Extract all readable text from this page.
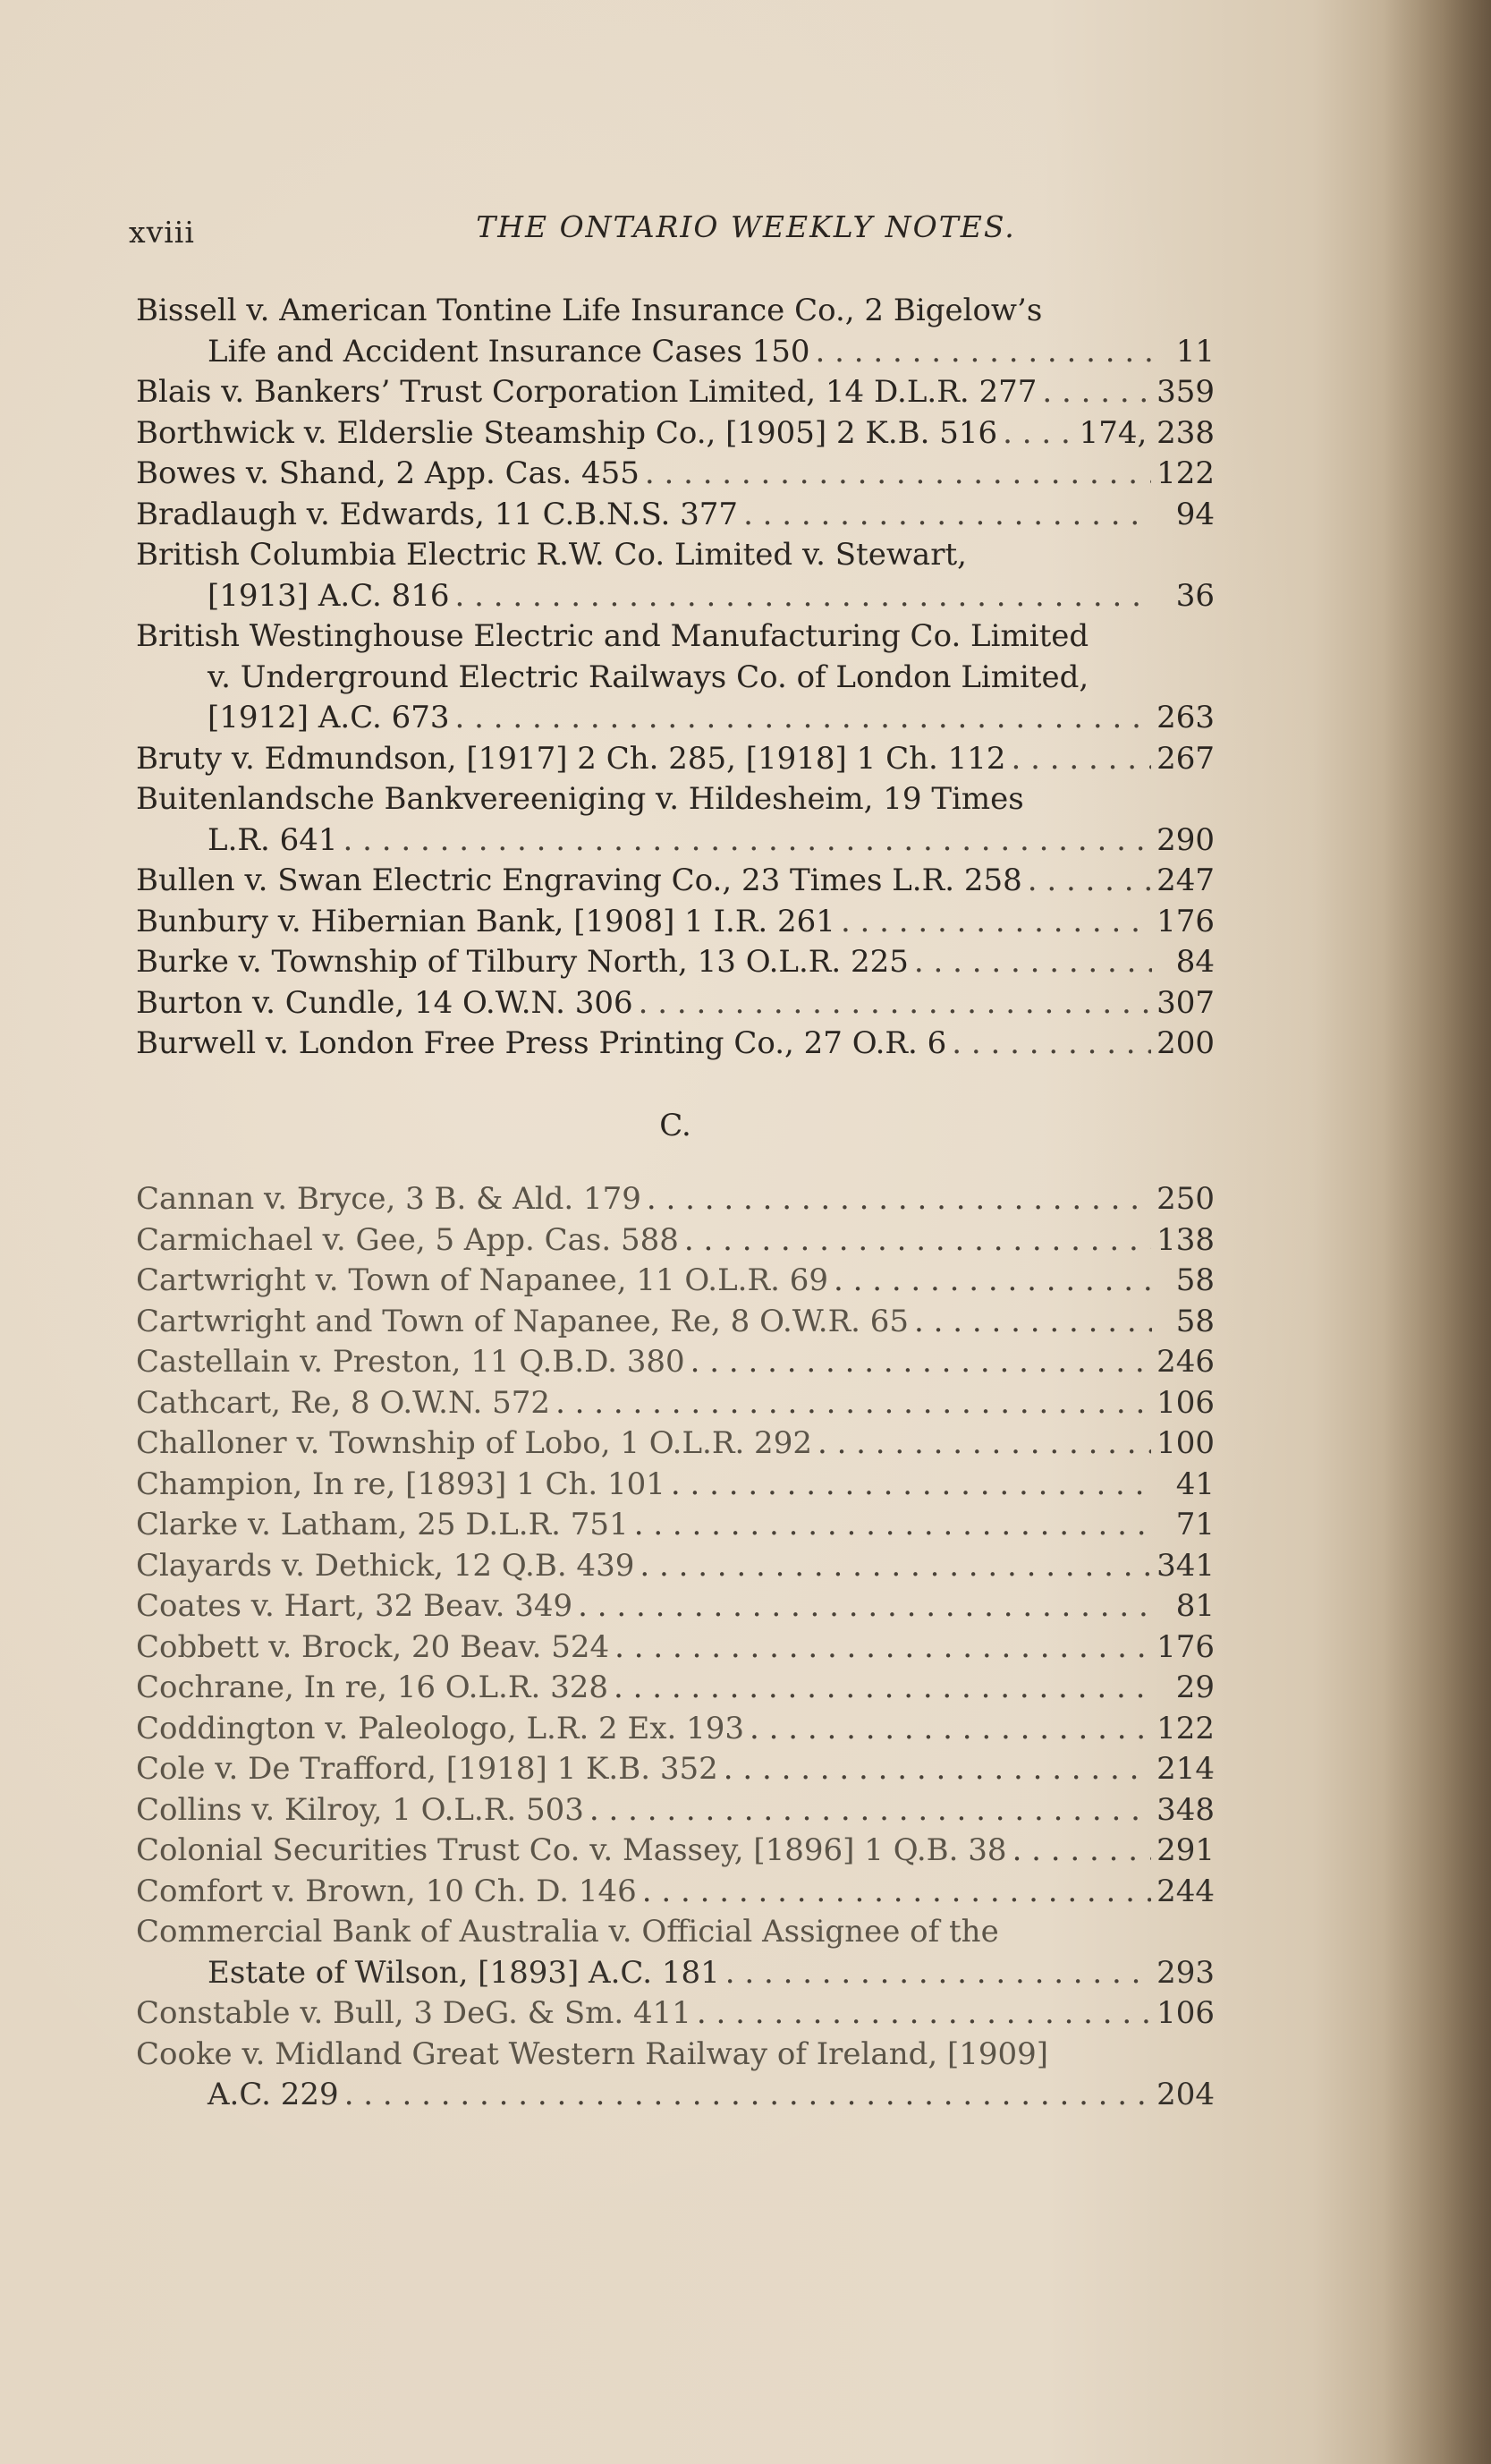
xviii	THE ONTARIO WEEKLY NOTES.
Bissell v. American Tontine Life Insurance Co., 2 Bigelow’s
Life and Accident Insurance Cases 150 . . .	11
Blais v. Bankers’ Trust Corporation Limited, 14 D.L.R. 277 . . .	359
Borthwick v. Elderslie Steamship Co., [1905] 2 K.B. 516 . . .	174, 238
Bowes v. Shand, 2 App. Cas. 455 . . .	122
Bradlaugh v. Edwards, 11 C.B.N.S. 377 . . .	94
British Columbia Electric R.W. Co. Limited v. Stewart,
[1913] A.C. 816 . . .	36
British Westinghouse Electric and Manufacturing Co. Limited
v. Underground Electric Railways Co. of London Limited,
[1912] A.C. 673 . . .	263
Bruty v. Edmundson, [1917] 2 Ch. 285, [1918] 1 Ch. 112 . . .	267
Buitenlandsche Bankvereeniging v. Hildesheim, 19 Times
L.R. 641 . . .	290
Bullen v. Swan Electric Engraving Co., 23 Times L.R. 258 . . .	247
Bunbury v. Hibernian Bank, [1908] 1 I.R. 261 . . .	176
Burke v. Township of Tilbury North, 13 O.L.R. 225 . . .	84
Burton v. Cundle, 14 O.W.N. 306 . . .	307
Burwell v. London Free Press Printing Co., 27 O.R. 6 . . .	200
C.
Cannan v. Bryce, 3 B. & Ald. 179 . . .	250
Carmichael v. Gee, 5 App. Cas. 588 . . .	138
Cartwright v. Town of Napanee, 11 O.L.R. 69 . . .	58
Cartwright and Town of Napanee, Re, 8 O.W.R. 65 . . .	58
Castellain v. Preston, 11 Q.B.D. 380 . . .	246
Cathcart, Re, 8 O.W.N. 572 . . .	106
Challoner v. Township of Lobo, 1 O.L.R. 292 . . .	100
Champion, In re, [1893] 1 Ch. 101 . . .	41
Clarke v. Latham, 25 D.L.R. 751 . . .	71
Clayards v. Dethick, 12 Q.B. 439 . . .	341
Coates v. Hart, 32 Beav. 349 . . .	81
Cobbett v. Brock, 20 Beav. 524 . . .	176
Cochrane, In re, 16 O.L.R. 328 . . .	29
Coddington v. Paleologo, L.R. 2 Ex. 193 . . .	122
Cole v. De Trafford, [1918] 1 K.B. 352 . . .	214
Collins v. Kilroy, 1 O.L.R. 503 . . .	348
Colonial Securities Trust Co. v. Massey, [1896] 1 Q.B. 38 . . .	291
Comfort v. Brown, 10 Ch. D. 146 . . .	244
Commercial Bank of Australia v. Official Assignee of the
Estate of Wilson, [1893] A.C. 181 . . .	293
Constable v. Bull, 3 DeG. & Sm. 411 . . .	106
Cooke v. Midland Great Western Railway of Ireland, [1909]
A.C. 229 . . .	204
